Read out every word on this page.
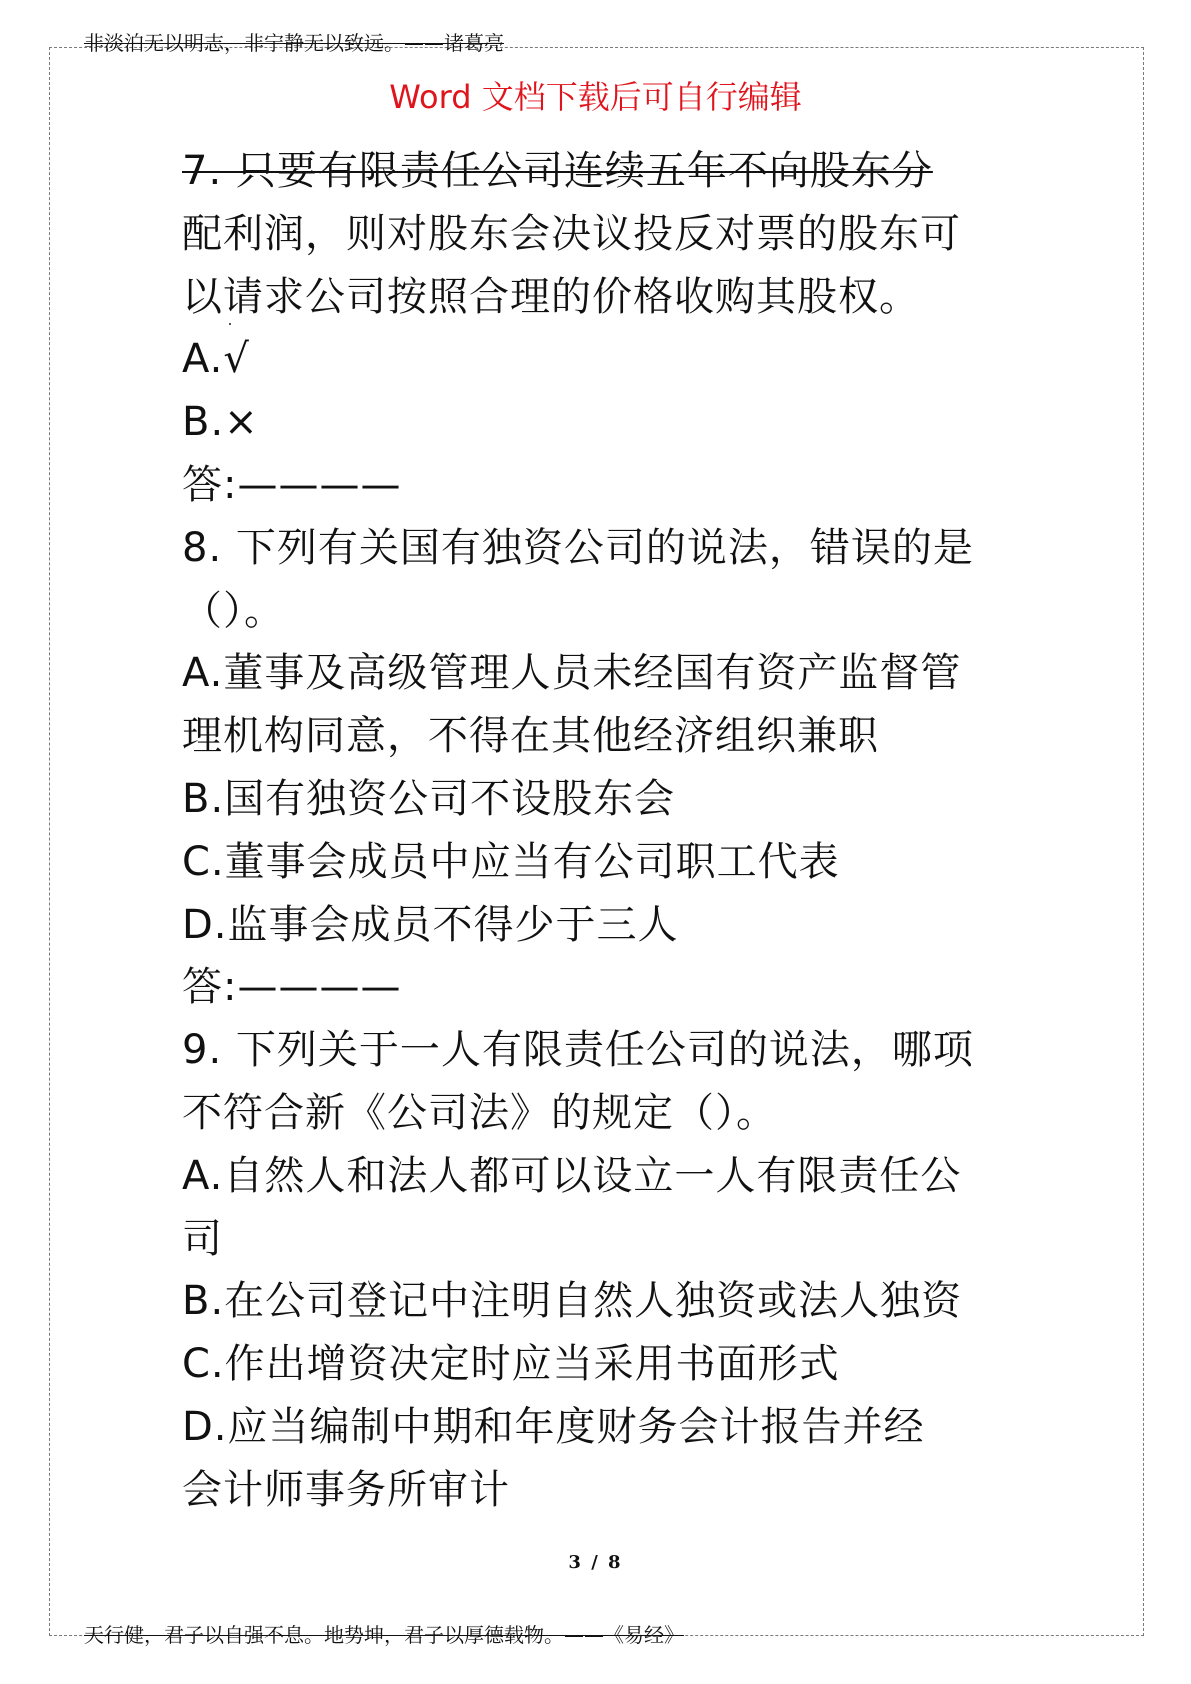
非淡泊无以明志，非宁静无以致远。——诸葛亮
Word 文档下载后可自行编辑
7. 只要有限责任公司连续五年不向股东分
配利润，则对股东会决议投反对票的股东可
以请求公司按照合理的价格收购其股权。
A.√
B.×
答:————
8. 下列有关国有独资公司的说法，错误的是
（）。
A.董事及高级管理人员未经国有资产监督管
理机构同意，不得在其他经济组织兼职
B.国有独资公司不设股东会
C.董事会成员中应当有公司职工代表
D.监事会成员不得少于三人
答:————
9. 下列关于一人有限责任公司的说法，哪项
不符合新《公司法》的规定（）。
A.自然人和法人都可以设立一人有限责任公
司
B.在公司登记中注明自然人独资或法人独资
C.作出增资决定时应当采用书面形式
D.应当编制中期和年度财务会计报告并经
会计师事务所审计
3 / 8
天行健，君子以自强不息。地势坤，君子以厚德载物。——《易经》
